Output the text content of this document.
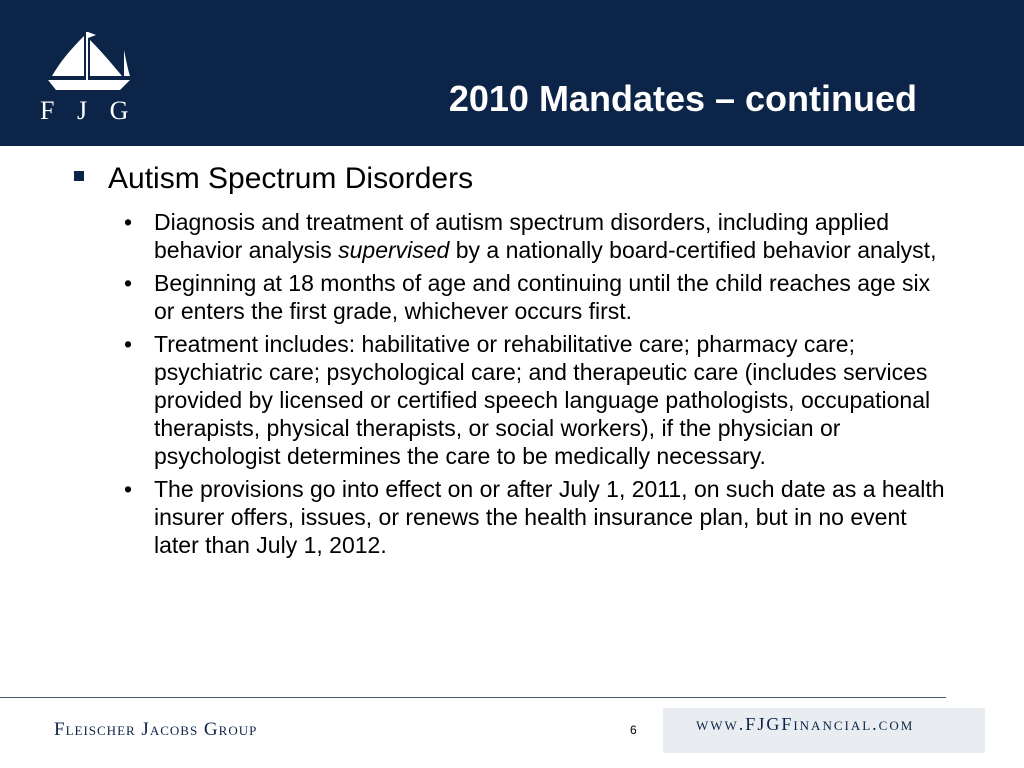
F J G	2010 Mandates – continued
Autism Spectrum Disorders
• Diagnosis and treatment of autism spectrum disorders, including applied behavior analysis supervised by a nationally board-certified behavior analyst,
• Beginning at 18 months of age and continuing until the child reaches age six or enters the first grade, whichever occurs first.
• Treatment includes: habilitative or rehabilitative care; pharmacy care; psychiatric care; psychological care; and therapeutic care (includes services provided by licensed or certified speech language pathologists, occupational therapists, physical therapists, or social workers), if the physician or psychologist determines the care to be medically necessary.
• The provisions go into effect on or after July 1, 2011, on such date as a health insurer offers, issues, or renews the health insurance plan, but in no event later than July 1, 2012.
Fleischer Jacobs Group	6	www.FJGFinancial.com
